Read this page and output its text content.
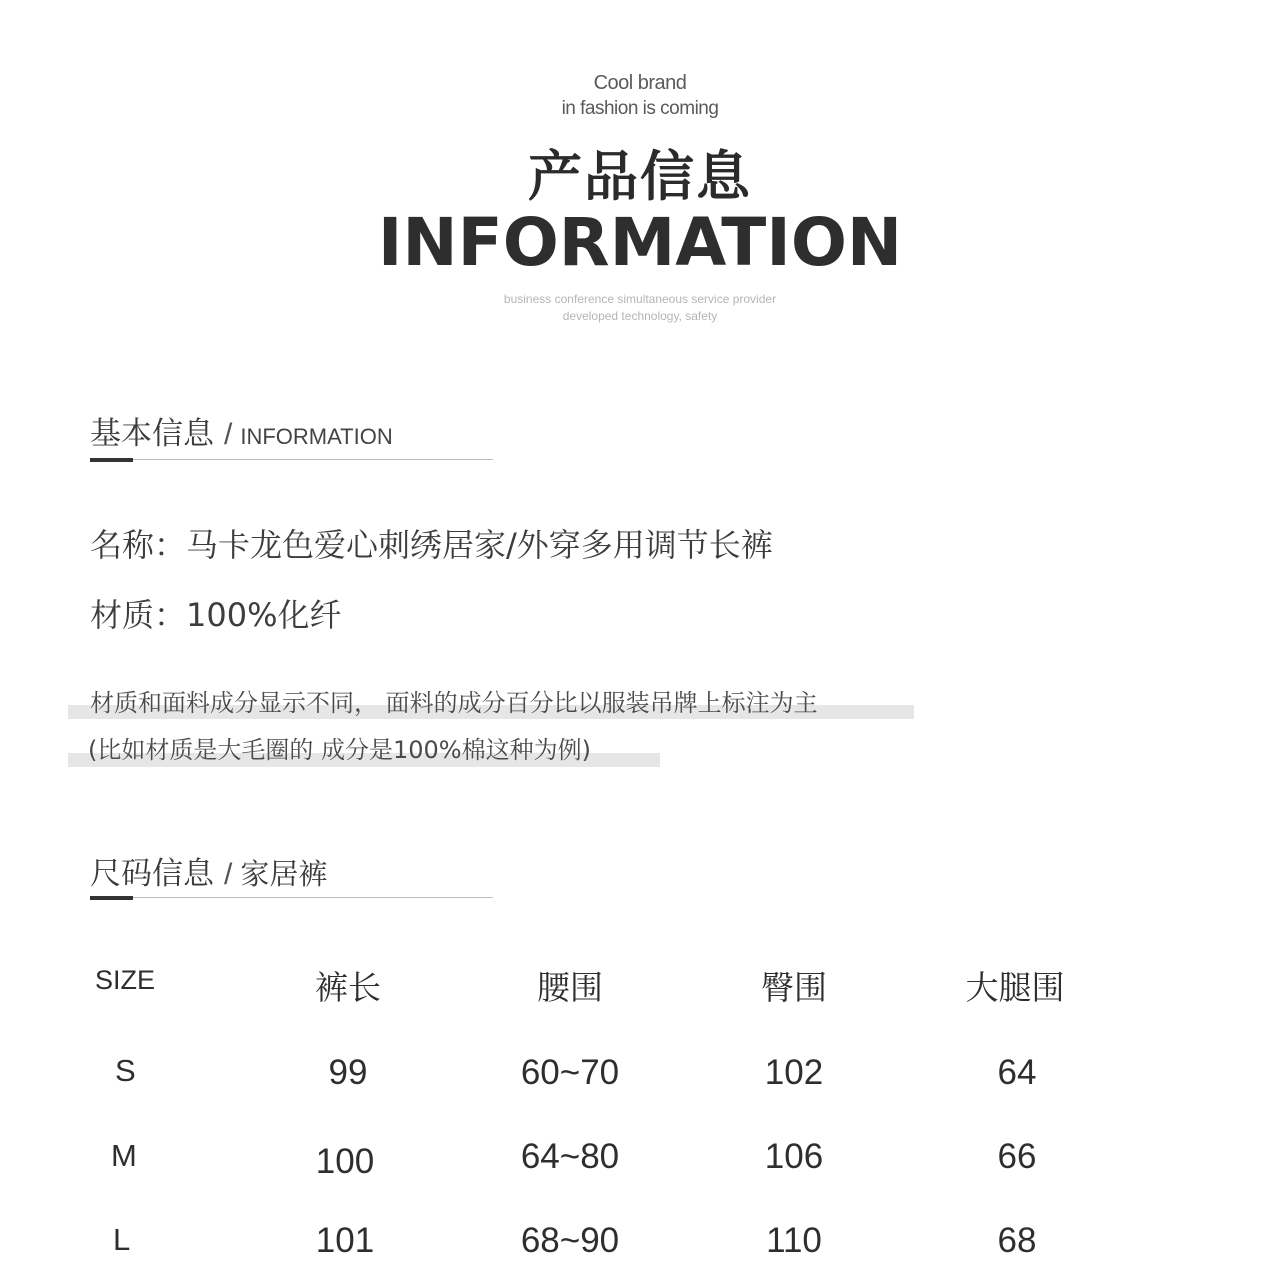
Cool brand
in fashion is coming
产品信息
INFORMATION
business conference simultaneous service provider
developed technology, safety
基本信息 / INFORMATION
名称：马卡龙色爱心刺绣居家/外穿多用调节长裤
材质：100%化纤
材质和面料成分显示不同， 面料的成分百分比以服装吊牌上标注为主
(比如材质是大毛圈的 成分是100%棉这种为例)
尺码信息 / 家居裤
SIZE	裤长	腰围	臀围	大腿围
S	99	60~70	102	64
M	100	64~80	106	66
L	101	68~90	110	68
